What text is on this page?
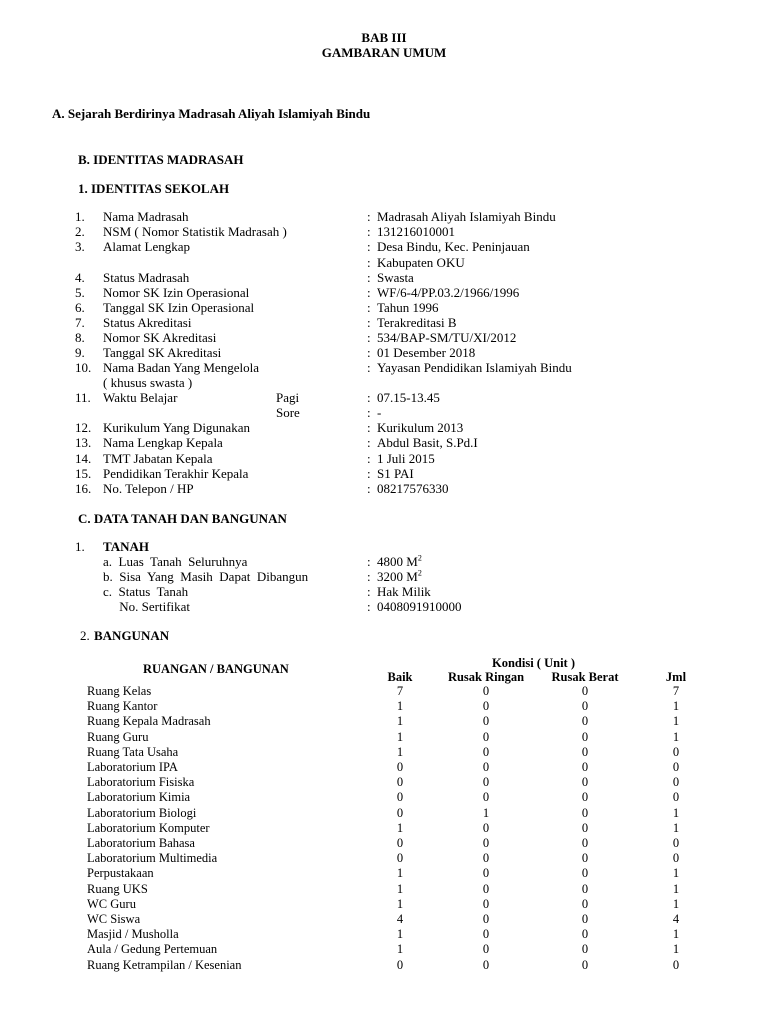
BAB III
GAMBARAN UMUM
A. Sejarah Berdirinya Madrasah Aliyah Islamiyah Bindu
B. IDENTITAS MADRASAH
1. IDENTITAS SEKOLAH
1. Nama Madrasah	: Madrasah Aliyah Islamiyah Bindu
2. NSM ( Nomor Statistik Madrasah )	: 131216010001
3. Alamat Lengkap	: Desa Bindu, Kec. Peninjauan
: Kabupaten OKU
4. Status Madrasah	: Swasta
5. Nomor SK Izin Operasional	: WF/6-4/PP.03.2/1966/1996
6. Tanggal SK Izin Operasional	: Tahun 1996
7. Status Akreditasi	: Terakreditasi B
8. Nomor SK Akreditasi	: 534/BAP-SM/TU/XI/2012
9. Tanggal SK Akreditasi	: 01 Desember 2018
10. Nama Badan Yang Mengelola	: Yayasan Pendidikan Islamiyah Bindu
( khusus swasta )
11. Waktu Belajar	Pagi	: 07.15-13.45
Sore	: -
12. Kurikulum Yang Digunakan	: Kurikulum 2013
13. Nama Lengkap Kepala	: Abdul Basit, S.Pd.I
14. TMT Jabatan Kepala	: 1 Juli 2015
15. Pendidikan Terakhir Kepala	: S1 PAI
16. No. Telepon / HP	: 08217576330
C. DATA TANAH DAN BANGUNAN
1. TANAH
a.  Luas  Tanah  Seluruhnya	: 4800 $M^2$
b.  Sisa  Yang  Masih  Dapat  Dibangun	: 3200 $M^2$
c.  Status  Tanah	: Hak Milik
No. Sertifikat	: 0408091910000
2. BANGUNAN
RUANGAN / BANGUNAN	Kondisi ( Unit )
Baik	Rusak Ringan	Rusak Berat	Jml
Ruang Kelas	7	0	0	7
Ruang Kantor	1	0	0	1
Ruang Kepala Madrasah	1	0	0	1
Ruang Guru	1	0	0	1
Ruang Tata Usaha	1	0	0	0
Laboratorium IPA	0	0	0	0
Laboratorium Fisiska	0	0	0	0
Laboratorium Kimia	0	0	0	0
Laboratorium Biologi	0	1	0	1
Laboratorium Komputer	1	0	0	1
Laboratorium Bahasa	0	0	0	0
Laboratorium Multimedia	0	0	0	0
Perpustakaan	1	0	0	1
Ruang UKS	1	0	0	1
WC Guru	1	0	0	1
WC Siswa	4	0	0	4
Masjid / Musholla	1	0	0	1
Aula / Gedung Pertemuan	1	0	0	1
Ruang Ketrampilan / Kesenian	0	0	0	0
